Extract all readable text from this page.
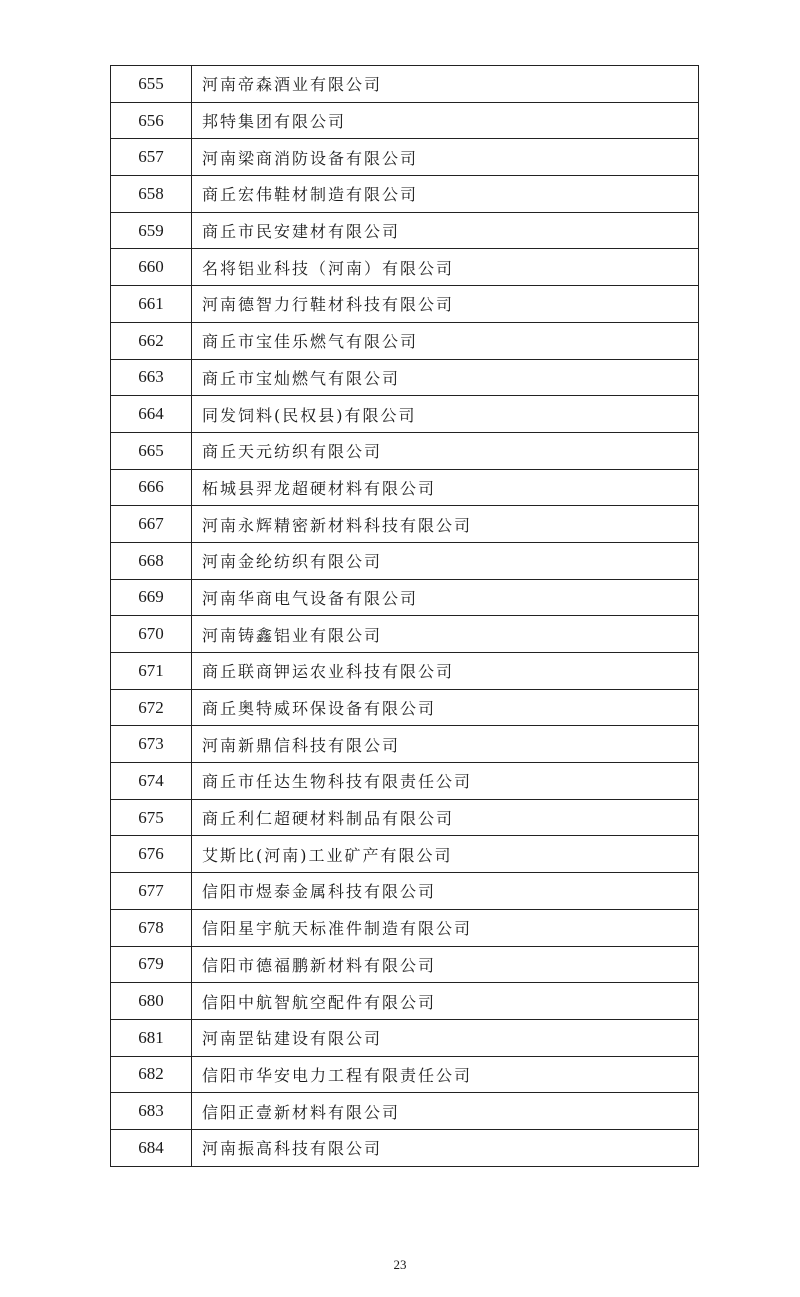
655	河南帝森酒业有限公司
656	邦特集团有限公司
657	河南梁商消防设备有限公司
658	商丘宏伟鞋材制造有限公司
659	商丘市民安建材有限公司
660	名将铝业科技（河南）有限公司
661	河南德智力行鞋材科技有限公司
662	商丘市宝佳乐燃气有限公司
663	商丘市宝灿燃气有限公司
664	同发饲料(民权县)有限公司
665	商丘天元纺织有限公司
666	柘城县羿龙超硬材料有限公司
667	河南永辉精密新材料科技有限公司
668	河南金纶纺织有限公司
669	河南华商电气设备有限公司
670	河南铸鑫铝业有限公司
671	商丘联商钾运农业科技有限公司
672	商丘奥特威环保设备有限公司
673	河南新鼎信科技有限公司
674	商丘市任达生物科技有限责任公司
675	商丘利仁超硬材料制品有限公司
676	艾斯比(河南)工业矿产有限公司
677	信阳市煜泰金属科技有限公司
678	信阳星宇航天标准件制造有限公司
679	信阳市德福鹏新材料有限公司
680	信阳中航智航空配件有限公司
681	河南罡钻建设有限公司
682	信阳市华安电力工程有限责任公司
683	信阳正壹新材料有限公司
684	河南振高科技有限公司
23
